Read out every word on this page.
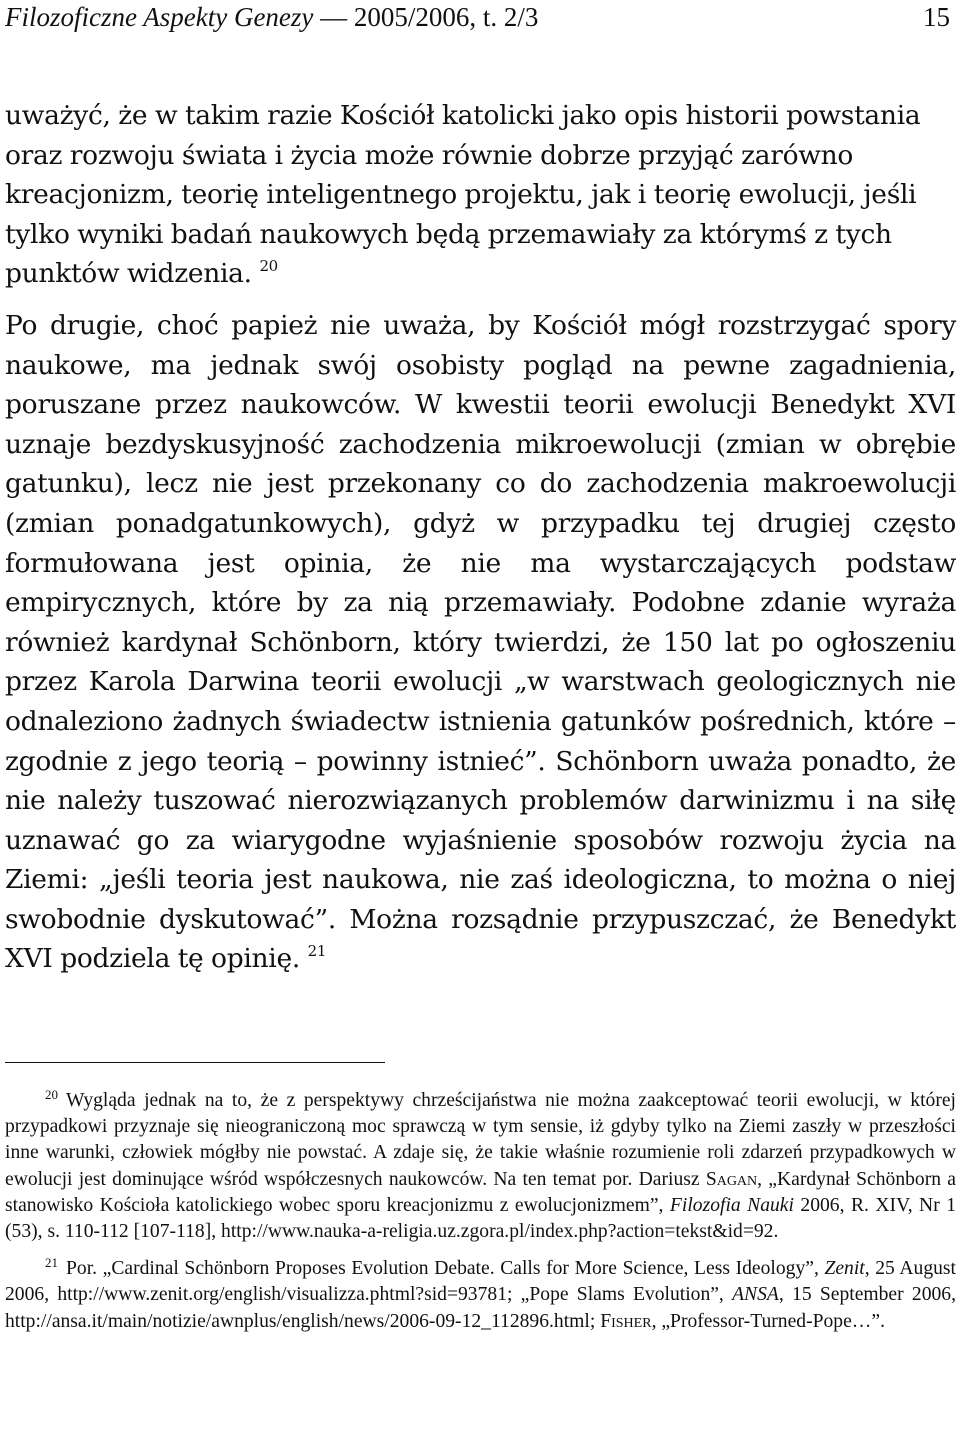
Filozoficzne Aspekty Genezy — 2005/2006, t. 2/3	15

uważyć, że w takim razie Kościół katolicki jako opis historii powstania oraz rozwoju świata i życia może równie dobrze przyjąć zarówno kreacjonizm, teorię inteligentnego projektu, jak i teorię ewolucji, jeśli tylko wyniki badań naukowych będą przemawiały za którymś z tych punktów widzenia. $^{20}$

Po drugie, choć papież nie uważa, by Kościół mógł rozstrzygać spory naukowe, ma jednak swój osobisty pogląd na pewne zagadnienia, poruszane przez naukowców. W kwestii teorii ewolucji Benedykt XVI uznaje bezdyskusyjność zachodzenia mikroewolucji (zmian w obrębie gatunku), lecz nie jest przekonany co do zachodzenia makroewolucji (zmian ponadgatunkowych), gdyż w przypadku tej drugiej często formułowana jest opinia, że nie ma wystarczających podstaw empirycznych, które by za nią przemawiały. Podobne zdanie wyraża również kardynał Schönborn, który twierdzi, że 150 lat po ogłoszeniu przez Karola Darwina teorii ewolucji „w warstwach geologicznych nie odnaleziono żadnych świadectw istnienia gatunków pośrednich, które – zgodnie z jego teorią – powinny istnieć”. Schönborn uważa ponadto, że nie należy tuszować nierozwiązanych problemów darwinizmu i na siłę uznawać go za wiarygodne wyjaśnienie sposobów rozwoju życia na Ziemi: „jeśli teoria jest naukowa, nie zaś ideologiczna, to można o niej swobodnie dyskutować”. Można rozsądnie przypuszczać, że Benedykt XVI podziela tę opinię. $^{21}$

$^{20}$ Wygląda jednak na to, że z perspektywy chrześcijaństwa nie można zaakceptować teorii ewolucji, w której przypadkowi przyznaje się nieograniczoną moc sprawczą w tym sensie, iż gdyby tylko na Ziemi zaszły w przeszłości inne warunki, człowiek mógłby nie powstać. A zdaje się, że takie właśnie rozumienie roli zdarzeń przypadkowych w ewolucji jest dominujące wśród współczesnych naukowców. Na ten temat por. Dariusz Sagan, „Kardynał Schönborn a stanowisko Kościoła katolickiego wobec sporu kreacjonizmu z ewolucjonizmem”, Filozofia Nauki 2006, R. XIV, Nr 1 (53), s. 110-112 [107-118], http://www.nauka-a-religia.uz.zgora.pl/index.php?action=tekst&id=92.

$^{21}$ Por. „Cardinal Schönborn Proposes Evolution Debate. Calls for More Science, Less Ideology”, Zenit, 25 August 2006, http://www.zenit.org/english/visualizza.phtml?sid=93781; „Pope Slams Evolution”, ANSA, 15 September 2006, http://ansa.it/main/notizie/awnplus/english/news/2006-09-12_112896.html; Fisher, „Professor-Turned-Pope…”.
